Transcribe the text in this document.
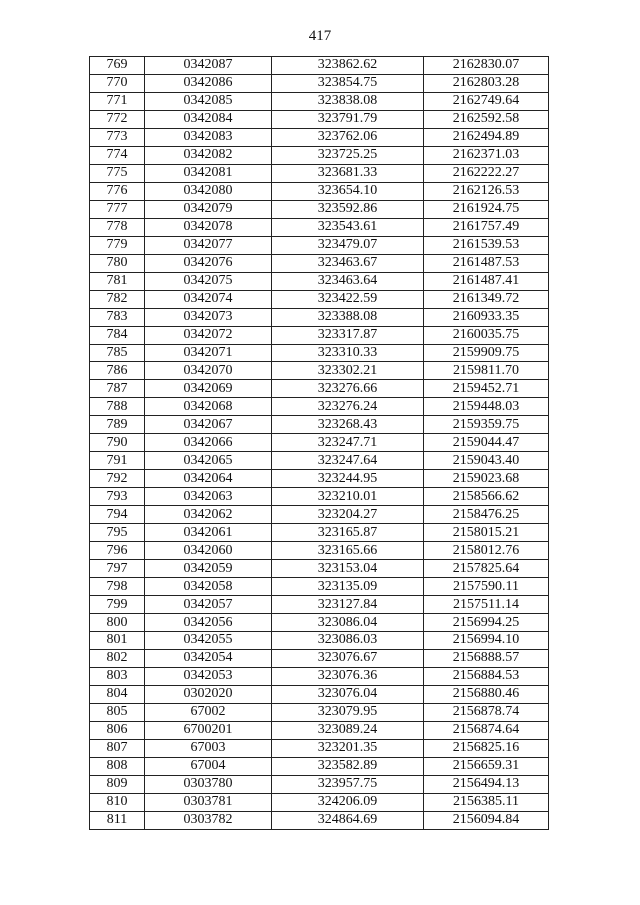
417
769	0342087	323862.62	2162830.07
770	0342086	323854.75	2162803.28
771	0342085	323838.08	2162749.64
772	0342084	323791.79	2162592.58
773	0342083	323762.06	2162494.89
774	0342082	323725.25	2162371.03
775	0342081	323681.33	2162222.27
776	0342080	323654.10	2162126.53
777	0342079	323592.86	2161924.75
778	0342078	323543.61	2161757.49
779	0342077	323479.07	2161539.53
780	0342076	323463.67	2161487.53
781	0342075	323463.64	2161487.41
782	0342074	323422.59	2161349.72
783	0342073	323388.08	2160933.35
784	0342072	323317.87	2160035.75
785	0342071	323310.33	2159909.75
786	0342070	323302.21	2159811.70
787	0342069	323276.66	2159452.71
788	0342068	323276.24	2159448.03
789	0342067	323268.43	2159359.75
790	0342066	323247.71	2159044.47
791	0342065	323247.64	2159043.40
792	0342064	323244.95	2159023.68
793	0342063	323210.01	2158566.62
794	0342062	323204.27	2158476.25
795	0342061	323165.87	2158015.21
796	0342060	323165.66	2158012.76
797	0342059	323153.04	2157825.64
798	0342058	323135.09	2157590.11
799	0342057	323127.84	2157511.14
800	0342056	323086.04	2156994.25
801	0342055	323086.03	2156994.10
802	0342054	323076.67	2156888.57
803	0342053	323076.36	2156884.53
804	0302020	323076.04	2156880.46
805	67002	323079.95	2156878.74
806	6700201	323089.24	2156874.64
807	67003	323201.35	2156825.16
808	67004	323582.89	2156659.31
809	0303780	323957.75	2156494.13
810	0303781	324206.09	2156385.11
811	0303782	324864.69	2156094.84
